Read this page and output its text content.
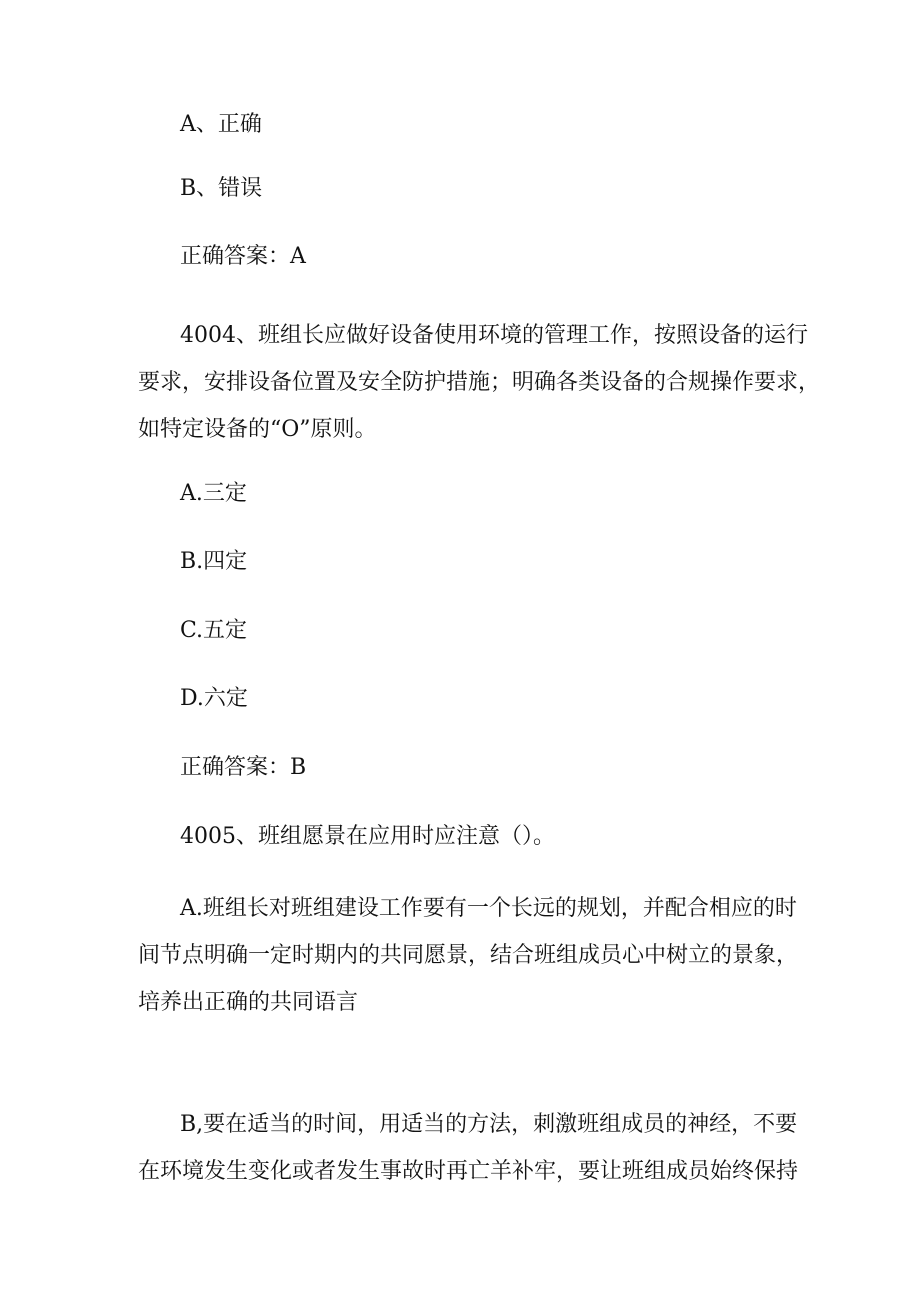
A、正确
B、错误
正确答案：A
4004、班组长应做好设备使用环境的管理工作，按照设备的运行
要求，安排设备位置及安全防护措施；明确各类设备的合规操作要求，
如特定设备的“O”原则。
A.三定
B.四定
C.五定
D.六定
正确答案：B
4005、班组愿景在应用时应注意（）。
A.班组长对班组建设工作要有一个长远的规划，并配合相应的时
间节点明确一定时期内的共同愿景，结合班组成员心中树立的景象，
培养出正确的共同语言
B,要在适当的时间，用适当的方法，刺激班组成员的神经，不要
在环境发生变化或者发生事故时再亡羊补牢，要让班组成员始终保持
